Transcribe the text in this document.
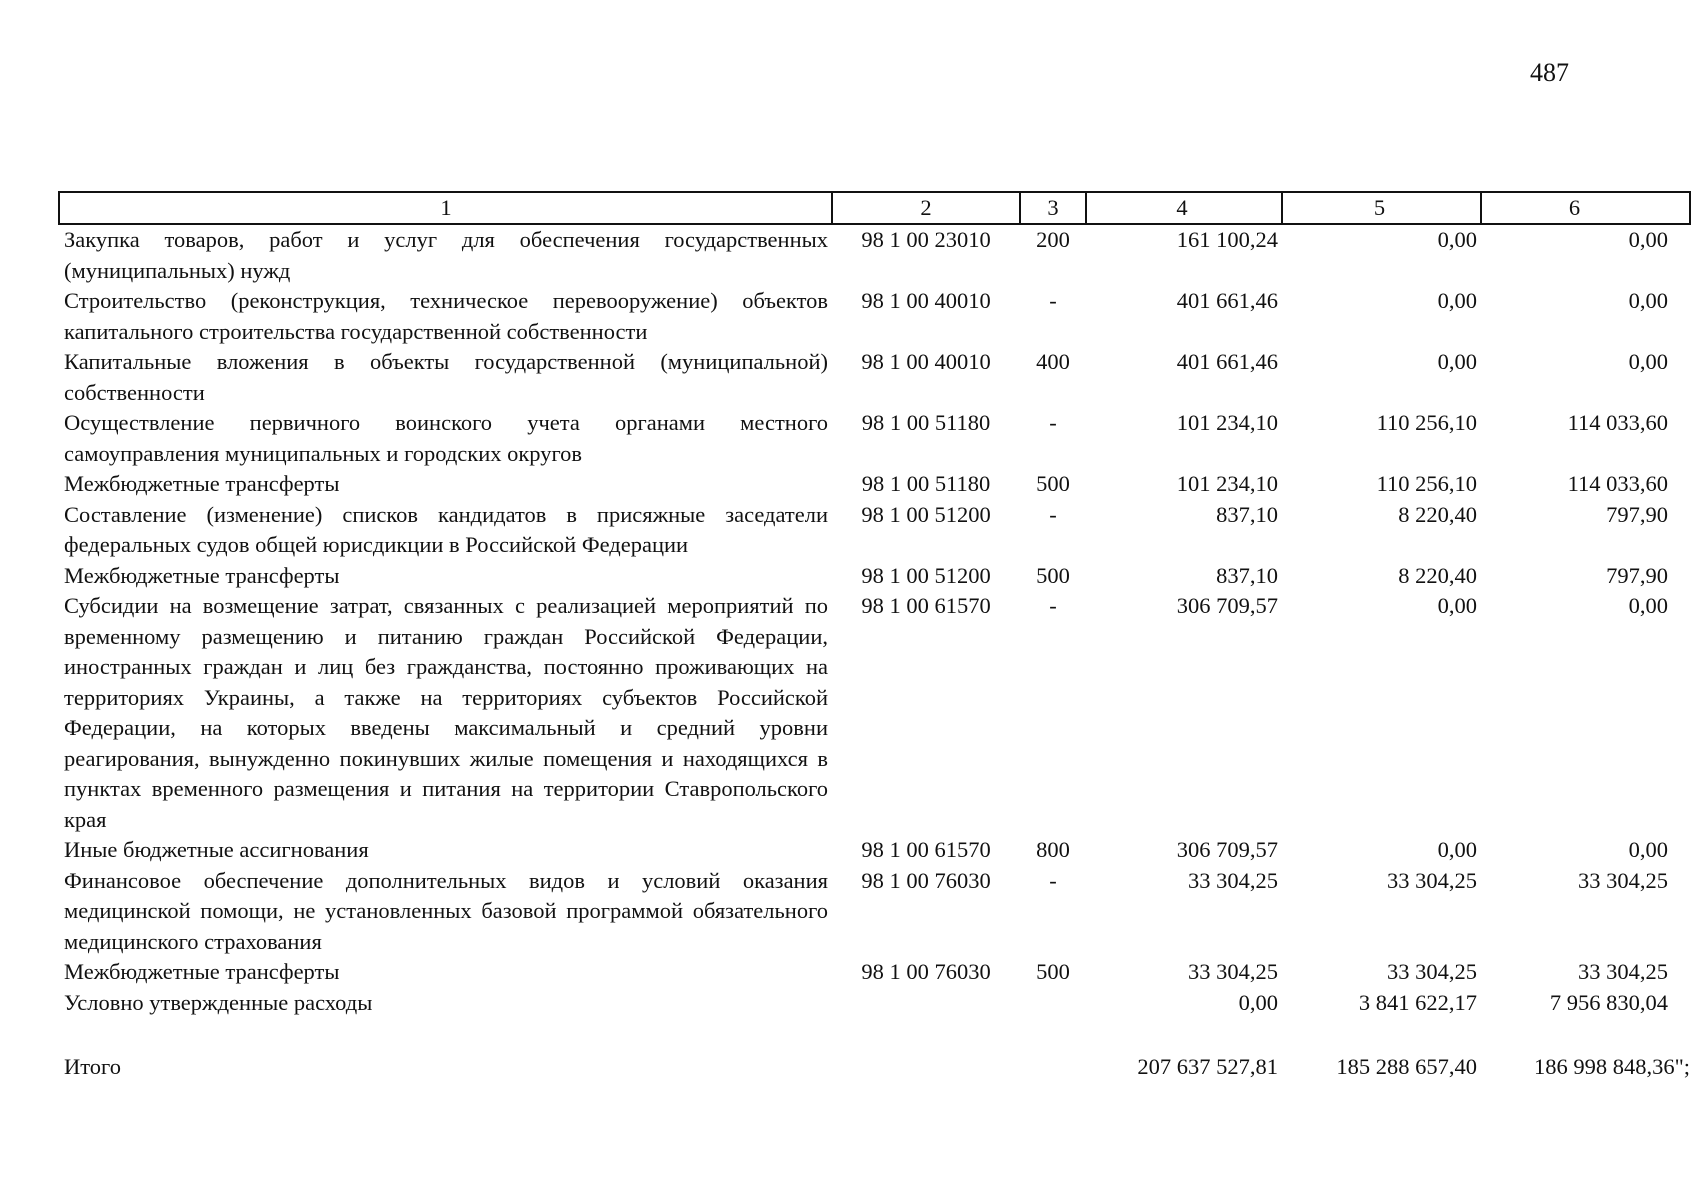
487
1	2	3	4	5	6
Закупка товаров, работ и услуг для обеспечения государственных (муниципальных) нужд	98 1 00 23010	200	161 100,24	0,00	0,00
Строительство (реконструкция, техническое перевооружение) объектов капитального строительства государственной собственности	98 1 00 40010	-	401 661,46	0,00	0,00
Капитальные вложения в объекты государственной (муниципальной) собственности	98 1 00 40010	400	401 661,46	0,00	0,00
Осуществление первичного воинского учета органами местного самоуправления муниципальных и городских округов	98 1 00 51180	-	101 234,10	110 256,10	114 033,60
Межбюджетные трансферты	98 1 00 51180	500	101 234,10	110 256,10	114 033,60
Составление (изменение) списков кандидатов в присяжные заседатели федеральных судов общей юрисдикции в Российской Федерации	98 1 00 51200	-	837,10	8 220,40	797,90
Межбюджетные трансферты	98 1 00 51200	500	837,10	8 220,40	797,90
Субсидии на возмещение затрат, связанных с реализацией мероприятий по временному размещению и питанию граждан Российской Федерации, иностранных граждан и лиц без гражданства, постоянно проживающих на территориях Украины, а также на территориях субъектов Российской Федерации, на которых введены максимальный и средний уровни реагирования, вынужденно покинувших жилые помещения и находящихся в пунктах временного размещения и питания на территории Ставропольского края	98 1 00 61570	-	306 709,57	0,00	0,00
Иные бюджетные ассигнования	98 1 00 61570	800	306 709,57	0,00	0,00
Финансовое обеспечение дополнительных видов и условий оказания медицинской помощи, не установленных базовой программой обязательного медицинского страхования	98 1 00 76030	-	33 304,25	33 304,25	33 304,25
Межбюджетные трансферты	98 1 00 76030	500	33 304,25	33 304,25	33 304,25
Условно утвержденные расходы			0,00	3 841 622,17	7 956 830,04

Итого			207 637 527,81	185 288 657,40	186 998 848,36";
